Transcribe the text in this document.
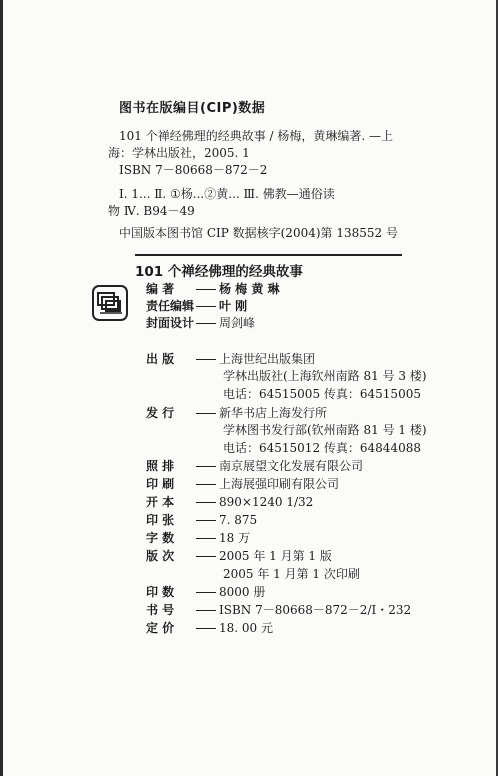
图书在版编目(CIP)数据
101 个禅经佛理的经典故事 / 杨梅，黄琳编著. —上
海：学林出版社，2005. 1
ISBN 7－80668－872－2
Ⅰ. 1... Ⅱ. ①杨...②黄... Ⅲ. 佛教—通俗读
物 Ⅳ. B94－49
中国版本图书馆 CIP 数据核字(2004)第 138552 号
101 个禅经佛理的经典故事
编 著	杨 梅 黄 琳
责任编辑 叶 刚
封面设计 周剑峰
出 版	上海世纪出版集团
学林出版社(上海钦州南路 81 号 3 楼)
电话：64515005 传真：64515005
发 行	新华书店上海发行所
学林图书发行部(钦州南路 81 号 1 楼)
电话：64515012 传真：64844088
照 排	南京展望文化发展有限公司
印 刷	上海展强印刷有限公司
开 本	890×1240 1/32
印 张	7. 875
字 数	18 万
版 次	2005 年 1 月第 1 版
2005 年 1 月第 1 次印刷
印 数	8000 册
书 号	ISBN 7－80668－872－2/I・232
定 价	18. 00 元
